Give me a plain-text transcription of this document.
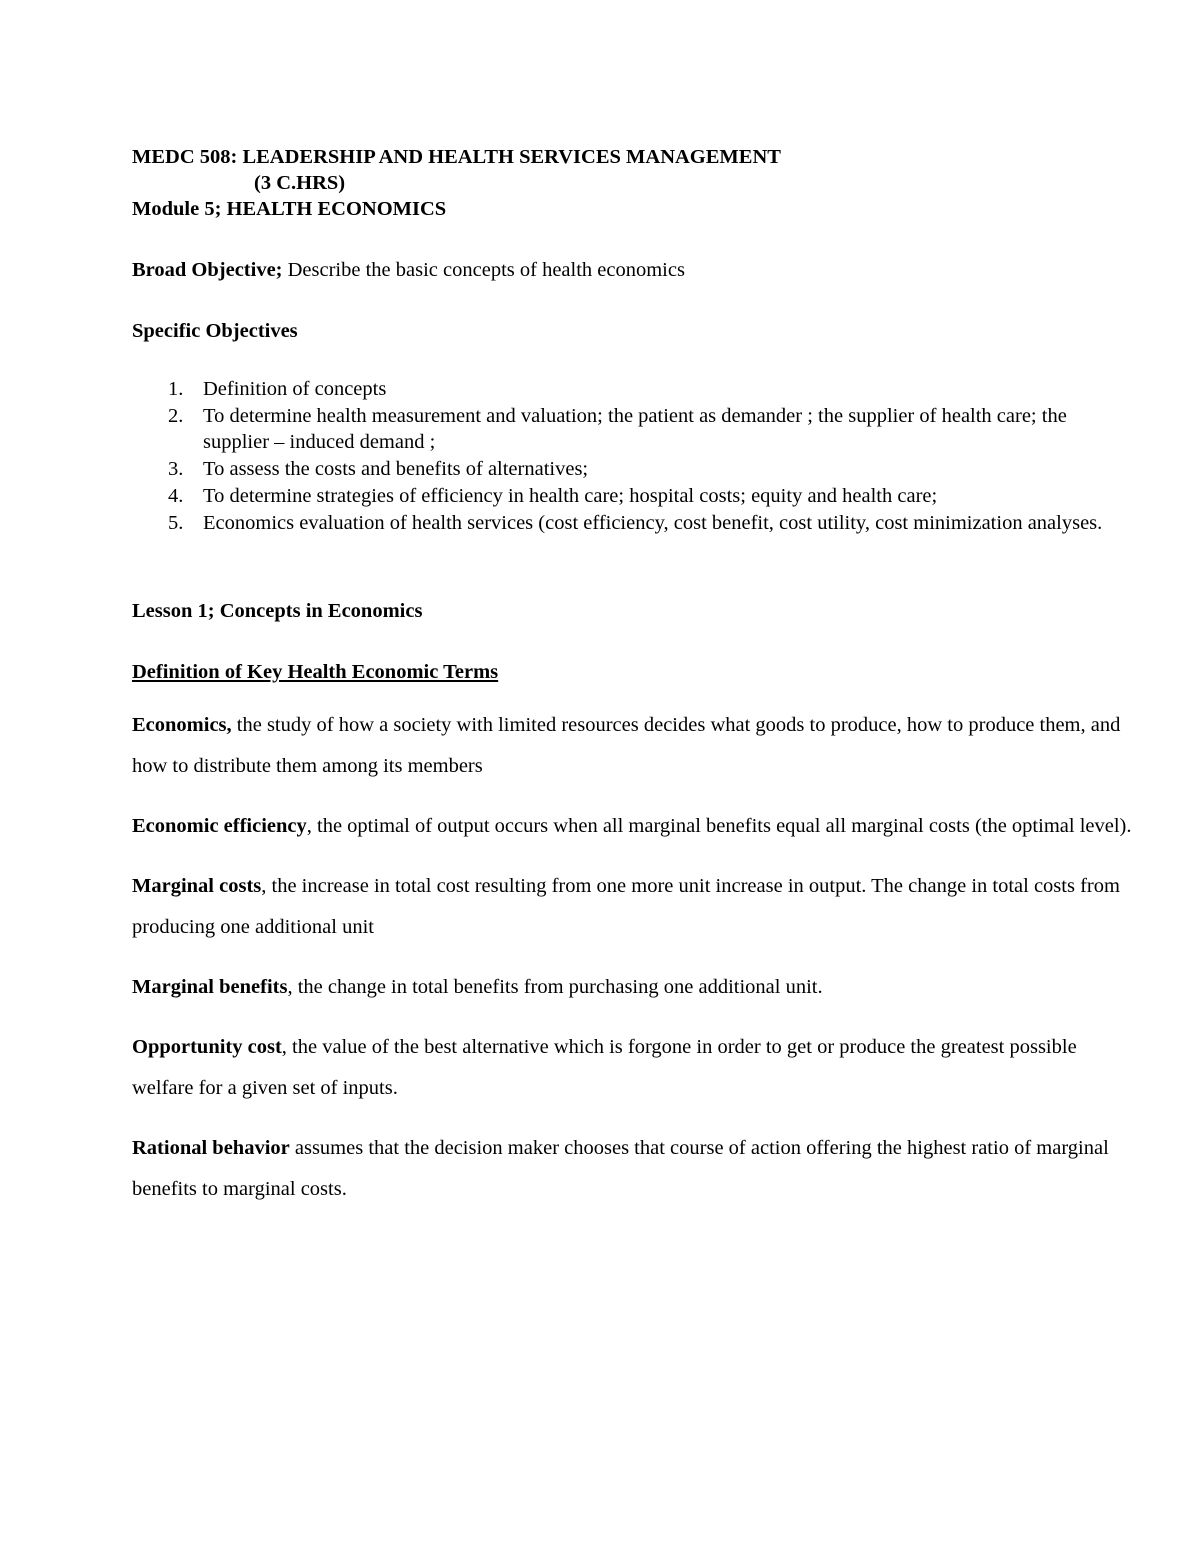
MEDC 508: LEADERSHIP AND HEALTH SERVICES MANAGEMENT

(3 C.HRS)

Module 5; HEALTH ECONOMICS

Broad Objective; Describe the basic concepts of health economics

Specific Objectives

1. Definition of concepts
2. To determine health measurement and valuation; the patient as demander ; the supplier of health care; the supplier – induced demand ;
3. To assess the costs and benefits of alternatives;
4. To determine strategies of efficiency in health care; hospital costs; equity and health care;
5. Economics evaluation of health services (cost efficiency, cost benefit, cost utility, cost minimization analyses.

Lesson 1; Concepts in Economics

Definition of Key Health Economic Terms

Economics, the study of how a society with limited resources decides what goods to produce, how to produce them, and how to distribute them among its members

Economic efficiency, the optimal of output occurs when all marginal benefits equal all marginal costs (the optimal level).

Marginal costs, the increase in total cost resulting from one more unit increase in output. The change in total costs from producing one additional unit

Marginal benefits, the change in total benefits from purchasing one additional unit.

Opportunity cost, the value of the best alternative which is forgone in order to get or produce the greatest possible welfare for a given set of inputs.

Rational behavior assumes that the decision maker chooses that course of action offering the highest ratio of marginal benefits to marginal costs.
